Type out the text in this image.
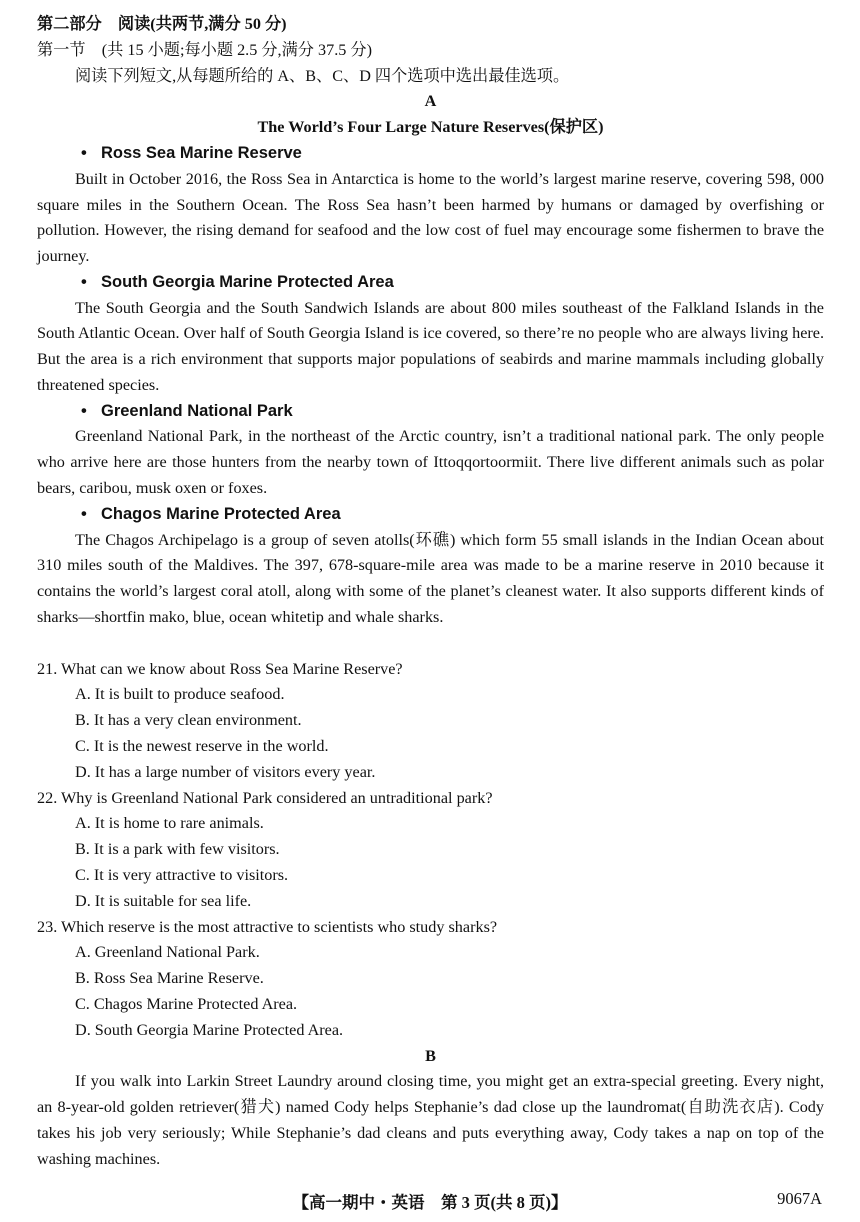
第二部分　阅读(共两节,满分 50 分)
第一节　(共 15 小题;每小题 2.5 分,满分 37.5 分)
阅读下列短文,从每题所给的 A、B、C、D 四个选项中选出最佳选项。
A
The World’s Four Large Nature Reserves(保护区)
• Ross Sea Marine Reserve
Built in October 2016, the Ross Sea in Antarctica is home to the world’s largest marine reserve, covering 598, 000 square miles in the Southern Ocean. The Ross Sea hasn’t been harmed by humans or damaged by overfishing or pollution. However, the rising demand for seafood and the low cost of fuel may encourage some fishermen to brave the journey.
• South Georgia Marine Protected Area
The South Georgia and the South Sandwich Islands are about 800 miles southeast of the Falkland Islands in the South Atlantic Ocean. Over half of South Georgia Island is ice covered, so there’re no people who are always living here. But the area is a rich environment that supports major populations of seabirds and marine mammals including globally threatened species.
• Greenland National Park
Greenland National Park, in the northeast of the Arctic country, isn’t a traditional national park. The only people who arrive here are those hunters from the nearby town of Ittoqqortoormiit. There live different animals such as polar bears, caribou, musk oxen or foxes.
• Chagos Marine Protected Area
The Chagos Archipelago is a group of seven atolls(环礁) which form 55 small islands in the Indian Ocean about 310 miles south of the Maldives. The 397, 678-square-mile area was made to be a marine reserve in 2010 because it contains the world’s largest coral atoll, along with some of the planet’s cleanest water. It also supports different kinds of sharks—shortfin mako, blue, ocean whitetip and whale sharks.
21. What can we know about Ross Sea Marine Reserve?
A. It is built to produce seafood.
B. It has a very clean environment.
C. It is the newest reserve in the world.
D. It has a large number of visitors every year.
22. Why is Greenland National Park considered an untraditional park?
A. It is home to rare animals.
B. It is a park with few visitors.
C. It is very attractive to visitors.
D. It is suitable for sea life.
23. Which reserve is the most attractive to scientists who study sharks?
A. Greenland National Park.
B. Ross Sea Marine Reserve.
C. Chagos Marine Protected Area.
D. South Georgia Marine Protected Area.
B
If you walk into Larkin Street Laundry around closing time, you might get an extra-special greeting. Every night, an 8-year-old golden retriever(猎犬) named Cody helps Stephanie’s dad close up the laundromat(自助洗衣店). Cody takes his job very seriously; While Stephanie’s dad cleans and puts everything away, Cody takes a nap on top of the washing machines.
【高一期中・英语　第 3 页(共 8 页)】	9067A
